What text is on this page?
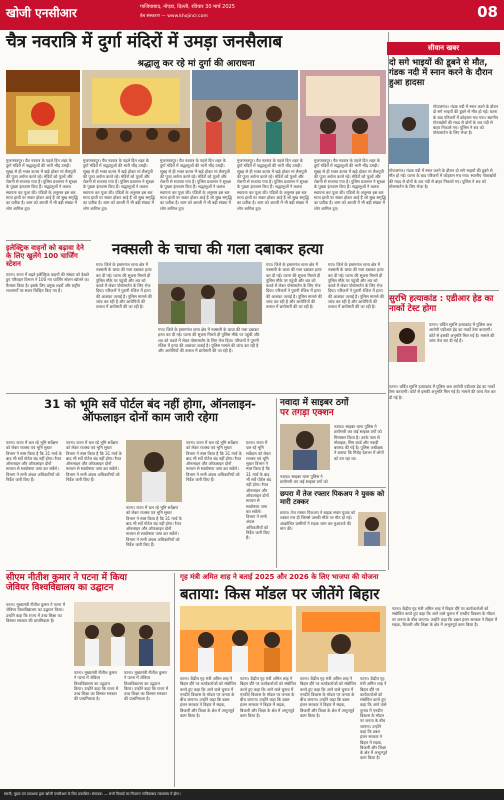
खोजी एनसीआर	गाजियाबाद, नोएडा, दिल्ली, रविवार 30 मार्च 2025
वेब संस्करण — www.khojincr.com	08
चैत्र नवरात्रि में दुर्गा मंदिरों में उमड़ा जनसैलाब
श्रद्धालु कर रहे मां दुर्गा की आराधना
मुजफ्फरपुर। चैत्र नवरात्र के पहले दिन शहर के दुर्गा मंदिरों में श्रद्धालुओं की भारी भीड़ उमड़ी। सुबह से ही भक्त कतार में खड़े होकर मां शैलपुत्री की पूजा अर्चना करते रहे। मंदिरों को फूलों और रोशनी से सजाया गया है। पुलिस प्रशासन ने सुरक्षा के पुख्ता इंतजाम किए हैं। श्रद्धालुओं ने कलश स्थापना कर पूजा की। पंडितों के अनुसार इस बार माता हाथी पर सवार होकर आई हैं जो सुख समृद्धि का प्रतीक है। शाम को आरती में भी बड़ी संख्या में लोग शामिल हुए।
मुजफ्फरपुर। चैत्र नवरात्र के पहले दिन शहर के दुर्गा मंदिरों में श्रद्धालुओं की भारी भीड़ उमड़ी। सुबह से ही भक्त कतार में खड़े होकर मां शैलपुत्री की पूजा अर्चना करते रहे। मंदिरों को फूलों और रोशनी से सजाया गया है। पुलिस प्रशासन ने सुरक्षा के पुख्ता इंतजाम किए हैं। श्रद्धालुओं ने कलश स्थापना कर पूजा की। पंडितों के अनुसार इस बार माता हाथी पर सवार होकर आई हैं जो सुख समृद्धि का प्रतीक है। शाम को आरती में भी बड़ी संख्या में लोग शामिल हुए।
मुजफ्फरपुर। चैत्र नवरात्र के पहले दिन शहर के दुर्गा मंदिरों में श्रद्धालुओं की भारी भीड़ उमड़ी। सुबह से ही भक्त कतार में खड़े होकर मां शैलपुत्री की पूजा अर्चना करते रहे। मंदिरों को फूलों और रोशनी से सजाया गया है। पुलिस प्रशासन ने सुरक्षा के पुख्ता इंतजाम किए हैं। श्रद्धालुओं ने कलश स्थापना कर पूजा की। पंडितों के अनुसार इस बार माता हाथी पर सवार होकर आई हैं जो सुख समृद्धि का प्रतीक है। शाम को आरती में भी बड़ी संख्या में लोग शामिल हुए।
मुजफ्फरपुर। चैत्र नवरात्र के पहले दिन शहर के दुर्गा मंदिरों में श्रद्धालुओं की भारी भीड़ उमड़ी। सुबह से ही भक्त कतार में खड़े होकर मां शैलपुत्री की पूजा अर्चना करते रहे। मंदिरों को फूलों और रोशनी से सजाया गया है। पुलिस प्रशासन ने सुरक्षा के पुख्ता इंतजाम किए हैं। श्रद्धालुओं ने कलश स्थापना कर पूजा की। पंडितों के अनुसार इस बार माता हाथी पर सवार होकर आई हैं जो सुख समृद्धि का प्रतीक है। शाम को आरती में भी बड़ी संख्या में लोग शामिल हुए।
मुजफ्फरपुर। चैत्र नवरात्र के पहले दिन शहर के दुर्गा मंदिरों में श्रद्धालुओं की भारी भीड़ उमड़ी। सुबह से ही भक्त कतार में खड़े होकर मां शैलपुत्री की पूजा अर्चना करते रहे। मंदिरों को फूलों और रोशनी से सजाया गया है। पुलिस प्रशासन ने सुरक्षा के पुख्ता इंतजाम किए हैं। श्रद्धालुओं ने कलश स्थापना कर पूजा की। पंडितों के अनुसार इस बार माता हाथी पर सवार होकर आई हैं जो सुख समृद्धि का प्रतीक है। शाम को आरती में भी बड़ी संख्या में लोग शामिल हुए।
इलेक्ट्रिक वाहनों को बढ़ावा देने के लिए खुलेंगे 100 चार्जिंग स्टेशन
पटना। राज्य में बढ़ते इलेक्ट्रिक वाहनों की संख्या को देखते हुए परिवहन विभाग ने 100 नए चार्जिंग स्टेशन खोलने का फैसला किया है। इसके लिए प्रमुख शहरों और राष्ट्रीय राजमार्गों पर स्थान चिन्हित किए गए हैं।
नक्सली के चाचा की गला दबाकर हत्या
गया। जिले के इमामगंज थाना क्षेत्र में नक्सली के चाचा की गला दबाकर हत्या कर दी गई। घटना की सूचना मिलते ही पुलिस मौके पर पहुंची और शव को कब्जे में लेकर पोस्टमार्टम के लिए भेज दिया। परिजनों ने पुरानी रंजिश में हत्या की आशंका जताई है। पुलिस मामले की जांच कर रही है और आरोपियों की तलाश में छापेमारी की जा रही है।
गया। जिले के इमामगंज थाना क्षेत्र में नक्सली के चाचा की गला दबाकर हत्या कर दी गई। घटना की सूचना मिलते ही पुलिस मौके पर पहुंची और शव को कब्जे में लेकर पोस्टमार्टम के लिए भेज दिया। परिजनों ने पुरानी रंजिश में हत्या की आशंका जताई है। पुलिस मामले की जांच कर रही है और आरोपियों की तलाश में छापेमारी की जा रही है।
गया। जिले के इमामगंज थाना क्षेत्र में नक्सली के चाचा की गला दबाकर हत्या कर दी गई। घटना की सूचना मिलते ही पुलिस मौके पर पहुंची और शव को कब्जे में लेकर पोस्टमार्टम के लिए भेज दिया। परिजनों ने पुरानी रंजिश में हत्या की आशंका जताई है। पुलिस मामले की जांच कर रही है और आरोपियों की तलाश में छापेमारी की जा रही है।
गया। जिले के इमामगंज थाना क्षेत्र में नक्सली के चाचा की गला दबाकर हत्या कर दी गई। घटना की सूचना मिलते ही पुलिस मौके पर पहुंची और शव को कब्जे में लेकर पोस्टमार्टम के लिए भेज दिया। परिजनों ने पुरानी रंजिश में हत्या की आशंका जताई है। पुलिस मामले की जांच कर रही है और आरोपियों की तलाश में छापेमारी की जा रही है।
31 को भूमि सर्वे पोर्टल बंद नहीं होगा, ऑनलाइन-ऑफलाइन दोनों काम जारी रहेगा
पटना। राज्य में चल रहे भूमि सर्वेक्षण को लेकर राजस्व एवं भूमि सुधार विभाग ने स्पष्ट किया है कि 31 मार्च के बाद भी सर्वे पोर्टल बंद नहीं होगा। रैयत ऑनलाइन और ऑफलाइन दोनों माध्यम से स्वघोषणा जमा कर सकेंगे। विभाग ने सभी अंचल अधिकारियों को निर्देश जारी किए हैं।
पटना। राज्य में चल रहे भूमि सर्वेक्षण को लेकर राजस्व एवं भूमि सुधार विभाग ने स्पष्ट किया है कि 31 मार्च के बाद भी सर्वे पोर्टल बंद नहीं होगा। रैयत ऑनलाइन और ऑफलाइन दोनों माध्यम से स्वघोषणा जमा कर सकेंगे। विभाग ने सभी अंचल अधिकारियों को निर्देश जारी किए हैं।
पटना। राज्य में चल रहे भूमि सर्वेक्षण को लेकर राजस्व एवं भूमि सुधार विभाग ने स्पष्ट किया है कि 31 मार्च के बाद भी सर्वे पोर्टल बंद नहीं होगा। रैयत ऑनलाइन और ऑफलाइन दोनों माध्यम से स्वघोषणा जमा कर सकेंगे। विभाग ने सभी अंचल अधिकारियों को निर्देश जारी किए हैं।
पटना। राज्य में चल रहे भूमि सर्वेक्षण को लेकर राजस्व एवं भूमि सुधार विभाग ने स्पष्ट किया है कि 31 मार्च के बाद भी सर्वे पोर्टल बंद नहीं होगा। रैयत ऑनलाइन और ऑफलाइन दोनों माध्यम से स्वघोषणा जमा कर सकेंगे। विभाग ने सभी अंचल अधिकारियों को निर्देश जारी किए हैं।
पटना। राज्य में चल रहे भूमि सर्वेक्षण को लेकर राजस्व एवं भूमि सुधार विभाग ने स्पष्ट किया है कि 31 मार्च के बाद भी सर्वे पोर्टल बंद नहीं होगा। रैयत ऑनलाइन और ऑफलाइन दोनों माध्यम से स्वघोषणा जमा कर सकेंगे। विभाग ने सभी अंचल अधिकारियों को निर्देश जारी किए हैं।
नवादा में साइबर ठगों
पर तगड़ा एक्शन
नवादा। साइबर थाना पुलिस ने छापेमारी कर कई साइबर ठगों को गिरफ्तार किया है। उनके पास से मोबाइल, सिम कार्ड और नकदी बरामद की गई है। पुलिस अधीक्षक ने बताया कि गिरोह देशभर में लोगों को ठग रहा था।
नवादा। साइबर थाना पुलिस ने छापेमारी कर कई साइबर ठगों को
छपरा में तेज रफ्तार पिकअप ने युवक को मारी टक्कर
छपरा। तेज रफ्तार पिकअप ने बाइक सवार युवक को टक्कर मार दी जिससे उसकी मौके पर मौत हो गई। आक्रोशित ग्रामीणों ने सड़क जाम कर मुआवजे की मांग की।
सीएम नीतीश कुमार ने पटना में किया जेवियर विश्वविद्यालय का उद्घाटन
पटना। मुख्यमंत्री नीतीश कुमार ने पटना में जेवियर विश्वविद्यालय का उद्घाटन किया। उन्होंने कहा कि राज्य में उच्च शिक्षा का विस्तार सरकार की प्राथमिकता है।
पटना। मुख्यमंत्री नीतीश कुमार ने पटना में जेवियर विश्वविद्यालय का उद्घाटन किया। उन्होंने कहा कि राज्य में उच्च शिक्षा का विस्तार सरकार की प्राथमिकता है।
पटना। मुख्यमंत्री नीतीश कुमार ने पटना में जेवियर विश्वविद्यालय का उद्घाटन किया। उन्होंने कहा कि राज्य में उच्च शिक्षा का विस्तार सरकार की प्राथमिकता है।
गृह मंत्री अमित शाह ने बताई 2025 और 2026 के लिए भाजपा की योजना
बताया: किस मॉडल पर जीतेंगे बिहार
पटना। केंद्रीय गृह मंत्री अमित शाह ने बिहार दौरे पर कार्यकर्ताओं को संबोधित करते हुए कहा कि आने वाले चुनाव में एनडीए विकास के मॉडल पर जनता के बीच जाएगा। उन्होंने कहा कि डबल इंजन सरकार ने बिहार में सड़क, बिजली और शिक्षा के क्षेत्र में अभूतपूर्व काम किया है।
पटना। केंद्रीय गृह मंत्री अमित शाह ने बिहार दौरे पर कार्यकर्ताओं को संबोधित करते हुए कहा कि आने वाले चुनाव में एनडीए विकास के मॉडल पर जनता के बीच जाएगा। उन्होंने कहा कि डबल इंजन सरकार ने बिहार में सड़क, बिजली और शिक्षा के क्षेत्र में अभूतपूर्व काम किया है।
पटना। केंद्रीय गृह मंत्री अमित शाह ने बिहार दौरे पर कार्यकर्ताओं को संबोधित करते हुए कहा कि आने वाले चुनाव में एनडीए विकास के मॉडल पर जनता के बीच जाएगा। उन्होंने कहा कि डबल इंजन सरकार ने बिहार में सड़क, बिजली और शिक्षा के क्षेत्र में अभूतपूर्व काम किया है।
पटना। केंद्रीय गृह मंत्री अमित शाह ने बिहार दौरे पर कार्यकर्ताओं को संबोधित करते हुए कहा कि आने वाले चुनाव में एनडीए विकास के मॉडल पर जनता के बीच जाएगा। उन्होंने कहा कि डबल इंजन सरकार ने बिहार में सड़क, बिजली और शिक्षा के क्षेत्र में अभूतपूर्व काम किया है।
पटना। केंद्रीय गृह मंत्री अमित शाह ने बिहार दौरे पर कार्यकर्ताओं को संबोधित करते हुए कहा कि आने वाले चुनाव में एनडीए विकास के मॉडल पर जनता के बीच जाएगा। उन्होंने कहा कि डबल इंजन सरकार ने बिहार में सड़क, बिजली और शिक्षा के क्षेत्र में अभूतपूर्व काम किया है।
सीवान खबर
दो सगे भाइयों की डूबने से मौत, गंडक नदी में स्नान करने के दौरान हुआ हादसा
गोपालगंज। गंडक नदी में स्नान करने के दौरान दो सगे भाइयों की डूबने से मौत हो गई। घटना के बाद परिजनों में कोहराम मच गया। स्थानीय गोताखोरों की मदद से दोनों के शव नदी से बाहर निकाले गए। पुलिस ने शव को पोस्टमार्टम के लिए भेजा है।
गोपालगंज। गंडक नदी में स्नान करने के दौरान दो सगे भाइयों की डूबने से मौत हो गई। घटना के बाद परिजनों में कोहराम मच गया। स्थानीय गोताखोरों की मदद से दोनों के शव नदी से बाहर निकाले गए। पुलिस ने शव को पोस्टमार्टम के लिए भेजा है।
सुरभि हत्याकांड : एडीआर हेड का नार्को टेस्ट होगा
पटना। चर्चित सुरभि हत्याकांड में पुलिस अब आरोपी एडीआर हेड का नार्को टेस्ट कराएगी। कोर्ट से इसकी अनुमति मिल गई है। मामले की जांच तेज कर दी गई है।
पटना। चर्चित सुरभि हत्याकांड में पुलिस अब आरोपी एडीआर हेड का नार्को टेस्ट कराएगी। कोर्ट से इसकी अनुमति मिल गई है। मामले की जांच तेज कर दी गई है।
स्वामी, मुद्रक एवं प्रकाशक द्वारा खोजी एनसीआर के लिए प्रकाशित। संपादक: — सभी विवादों का निपटारा गाजियाबाद न्यायालय में होगा।
